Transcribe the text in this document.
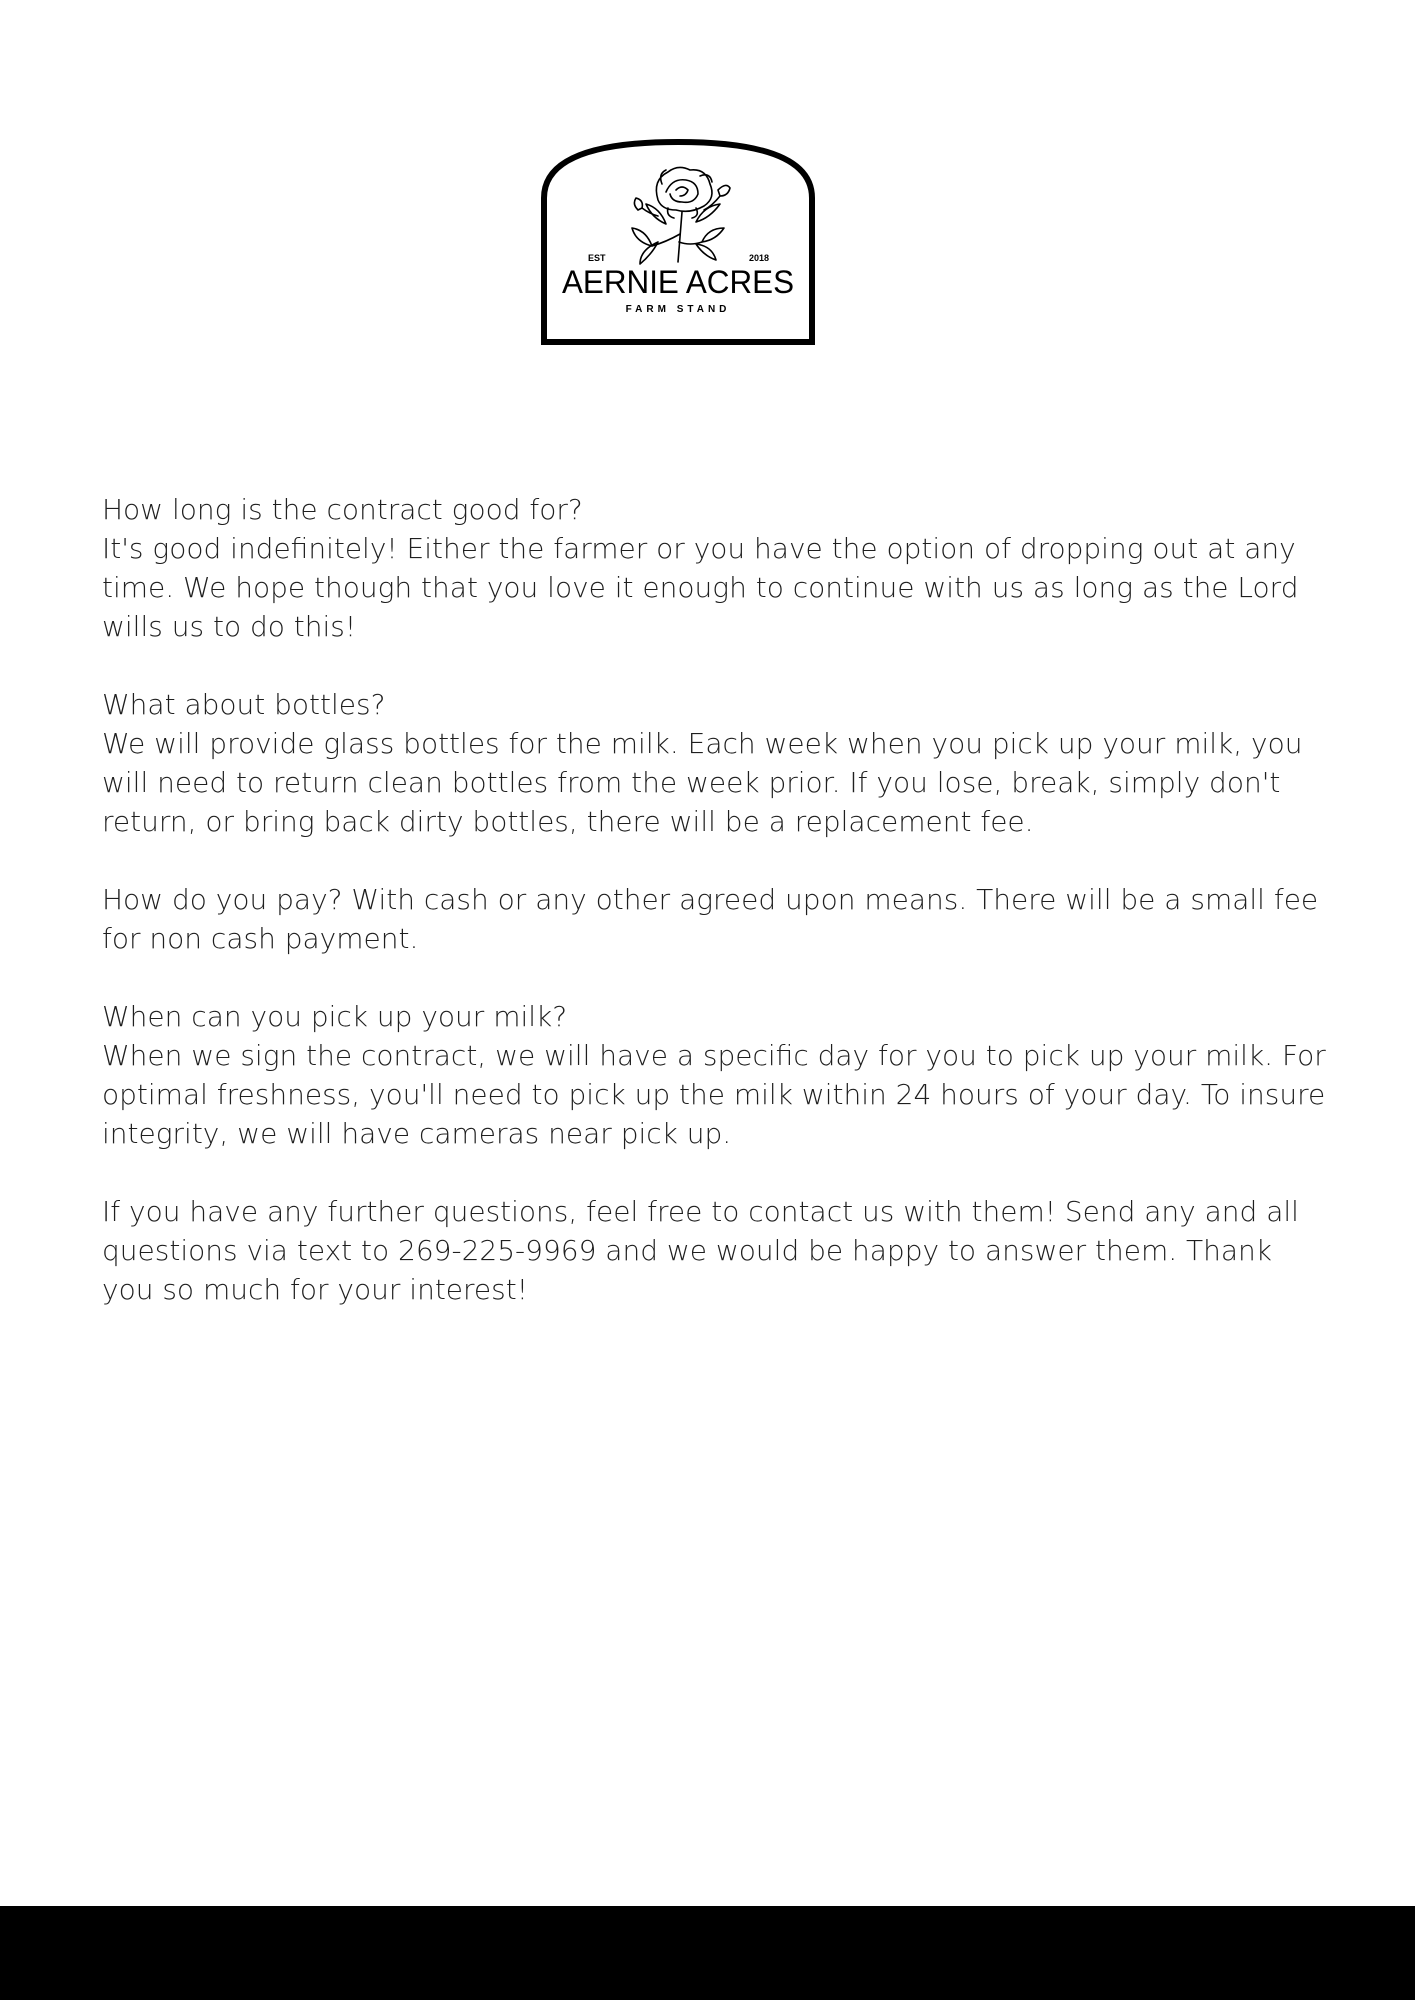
EST	2018
AERNIE ACRES
FARM STAND

How long is the contract good for?

It's good indefinitely! Either the farmer or you have the option of dropping out at any time. We hope though that you love it enough to continue with us as long as the Lord wills us to do this!

What about bottles?

We will provide glass bottles for the milk. Each week when you pick up your milk, you will need to return clean bottles from the week prior. If you lose, break, simply don't return, or bring back dirty bottles, there will be a replacement fee.

How do you pay? With cash or any other agreed upon means. There will be a small fee for non cash payment.

When can you pick up your milk?

When we sign the contract, we will have a specific day for you to pick up your milk. For optimal freshness, you'll need to pick up the milk within 24 hours of your day. To insure integrity, we will have cameras near pick up.

If you have any further questions, feel free to contact us with them! Send any and all questions via text to 269-225-9969 and we would be happy to answer them. Thank you so much for your interest!
